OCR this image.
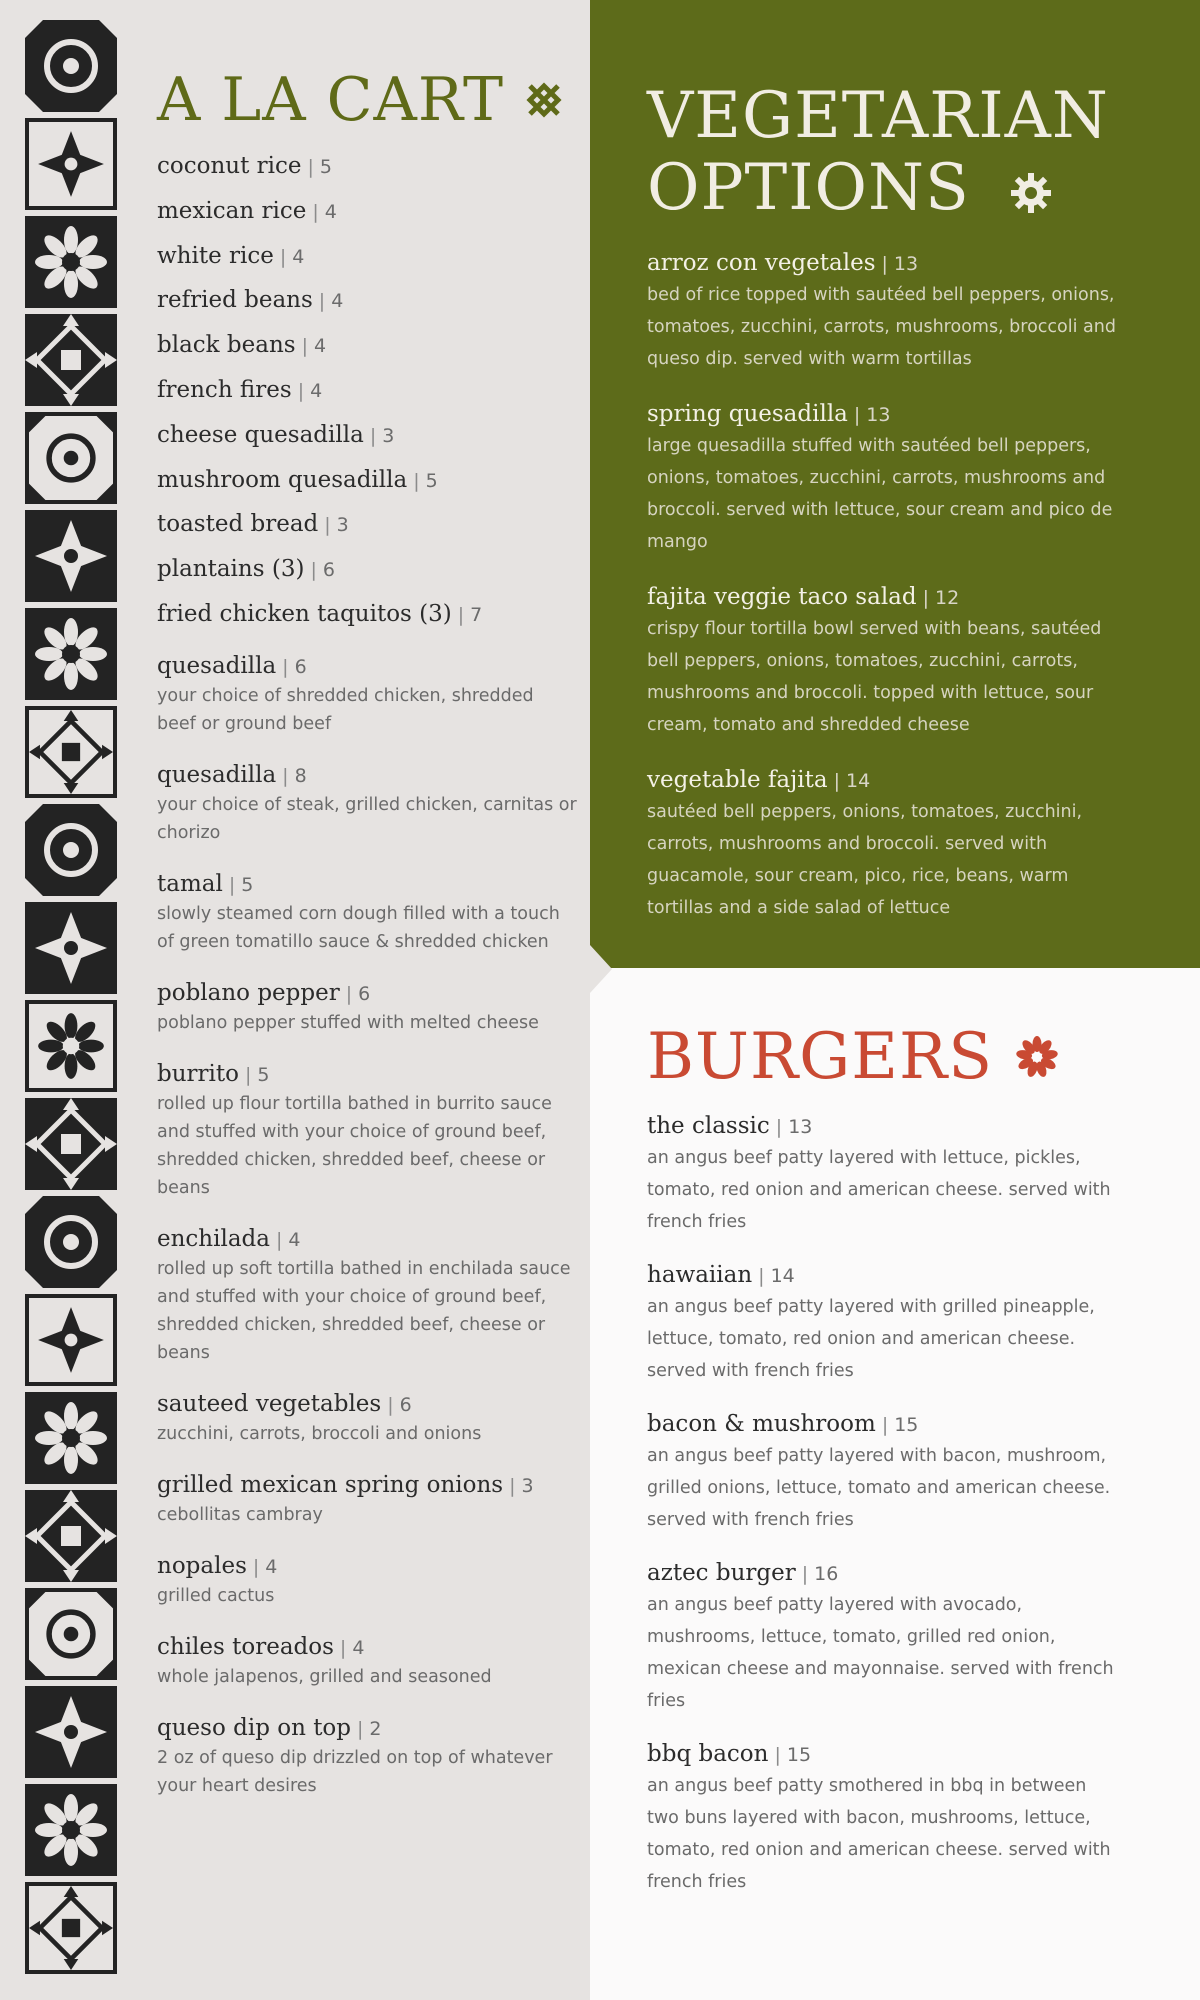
A LA CART
coconut rice | 5
mexican rice | 4
white rice | 4
refried beans | 4
black beans | 4
french fires | 4
cheese quesadilla | 3
mushroom quesadilla | 5
toasted bread | 3
plantains (3) | 6
fried chicken taquitos (3) | 7
quesadilla | 6
your choice of shredded chicken, shredded beef or ground beef
quesadilla | 8
your choice of steak, grilled chicken, carnitas or chorizo
tamal | 5
slowly steamed corn dough filled with a touch of green tomatillo sauce & shredded chicken
poblano pepper | 6
poblano pepper stuffed with melted cheese
burrito | 5
rolled up flour tortilla bathed in burrito sauce and stuffed with your choice of ground beef, shredded chicken, shredded beef, cheese or beans
enchilada | 4
rolled up soft tortilla bathed in enchilada sauce and stuffed with your choice of ground beef, shredded chicken, shredded beef, cheese or beans
sauteed vegetables | 6
zucchini, carrots, broccoli and onions
grilled mexican spring onions | 3
cebollitas cambray
nopales | 4
grilled cactus
chiles toreados | 4
whole jalapenos, grilled and seasoned
queso dip on top | 2
2 oz of queso dip drizzled on top of whatever your heart desires
VEGETARIAN
OPTIONS
arroz con vegetales | 13
bed of rice topped with sautéed bell peppers, onions, tomatoes, zucchini, carrots, mushrooms, broccoli and queso dip. served with warm tortillas
spring quesadilla | 13
large quesadilla stuffed with sautéed bell peppers, onions, tomatoes, zucchini, carrots, mushrooms and broccoli. served with lettuce, sour cream and pico de mango
fajita veggie taco salad | 12
crispy flour tortilla bowl served with beans, sautéed bell peppers, onions, tomatoes, zucchini, carrots, mushrooms and broccoli. topped with lettuce, sour cream, tomato and shredded cheese
vegetable fajita | 14
sautéed bell peppers, onions, tomatoes, zucchini, carrots, mushrooms and broccoli. served with guacamole, sour cream, pico, rice, beans, warm tortillas and a side salad of lettuce
BURGERS
the classic | 13
an angus beef patty layered with lettuce, pickles, tomato, red onion and american cheese. served with french fries
hawaiian | 14
an angus beef patty layered with grilled pineapple, lettuce, tomato, red onion and american cheese. served with french fries
bacon & mushroom | 15
an angus beef patty layered with bacon, mushroom, grilled onions, lettuce, tomato and american cheese. served with french fries
aztec burger | 16
an angus beef patty layered with avocado, mushrooms, lettuce, tomato, grilled red onion, mexican cheese and mayonnaise. served with french fries
bbq bacon | 15
an angus beef patty smothered in bbq in between two buns layered with bacon, mushrooms, lettuce, tomato, red onion and american cheese. served with french fries
